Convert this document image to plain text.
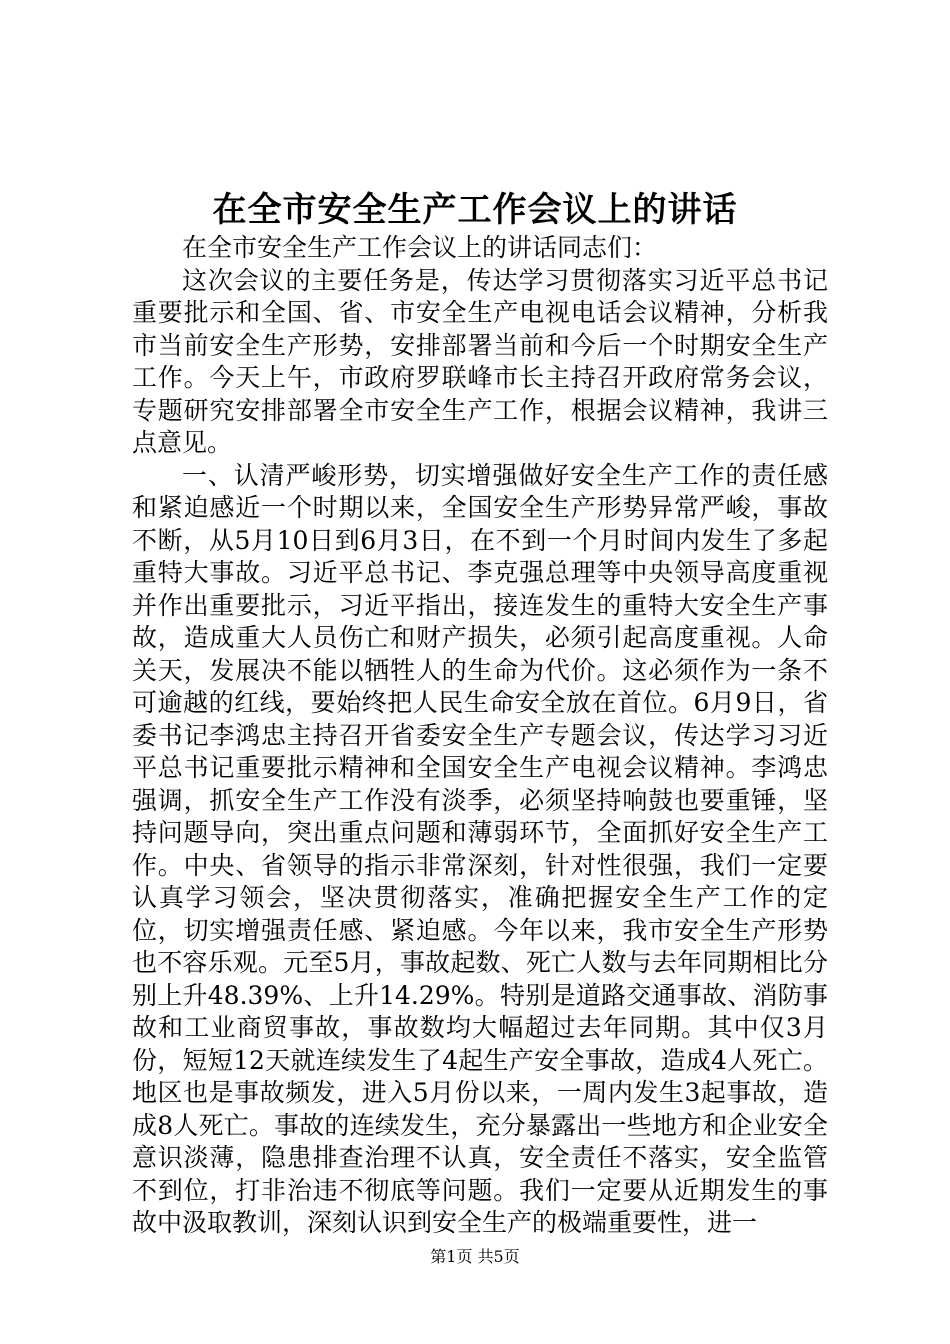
在全市安全生产工作会议上的讲话

在全市安全生产工作会议上的讲话同志们：

这次会议的主要任务是，传达学习贯彻落实习近平总书记重要批示和全国、省、市安全生产电视电话会议精神，分析我市当前安全生产形势，安排部署当前和今后一个时期安全生产工作。今天上午，市政府罗联峰市长主持召开政府常务会议，专题研究安排部署全市安全生产工作，根据会议精神，我讲三点意见。

一、认清严峻形势，切实增强做好安全生产工作的责任感和紧迫感近一个时期以来，全国安全生产形势异常严峻，事故不断，从5月10日到6月3日，在不到一个月时间内发生了多起重特大事故。习近平总书记、李克强总理等中央领导高度重视并作出重要批示，习近平指出，接连发生的重特大安全生产事故，造成重大人员伤亡和财产损失，必须引起高度重视。人命关天，发展决不能以牺牲人的生命为代价。这必须作为一条不可逾越的红线，要始终把人民生命安全放在首位。6月9日，省委书记李鸿忠主持召开省委安全生产专题会议，传达学习习近平总书记重要批示精神和全国安全生产电视会议精神。李鸿忠强调，抓安全生产工作没有淡季，必须坚持响鼓也要重锤，坚持问题导向，突出重点问题和薄弱环节，全面抓好安全生产工作。中央、省领导的指示非常深刻，针对性很强，我们一定要认真学习领会，坚决贯彻落实，准确把握安全生产工作的定位，切实增强责任感、紧迫感。今年以来，我市安全生产形势也不容乐观。元至5月，事故起数、死亡人数与去年同期相比分别上升48.39%、上升14.29%。特别是道路交通事故、消防事故和工业商贸事故，事故数均大幅超过去年同期。其中仅3月份，短短12天就连续发生了4起生产安全事故，造成4人死亡。地区也是事故频发，进入5月份以来，一周内发生3起事故，造成8人死亡。事故的连续发生，充分暴露出一些地方和企业安全意识淡薄，隐患排查治理不认真，安全责任不落实，安全监管不到位，打非治违不彻底等问题。我们一定要从近期发生的事故中汲取教训，深刻认识到安全生产的极端重要性，进一

第1页 共5页
